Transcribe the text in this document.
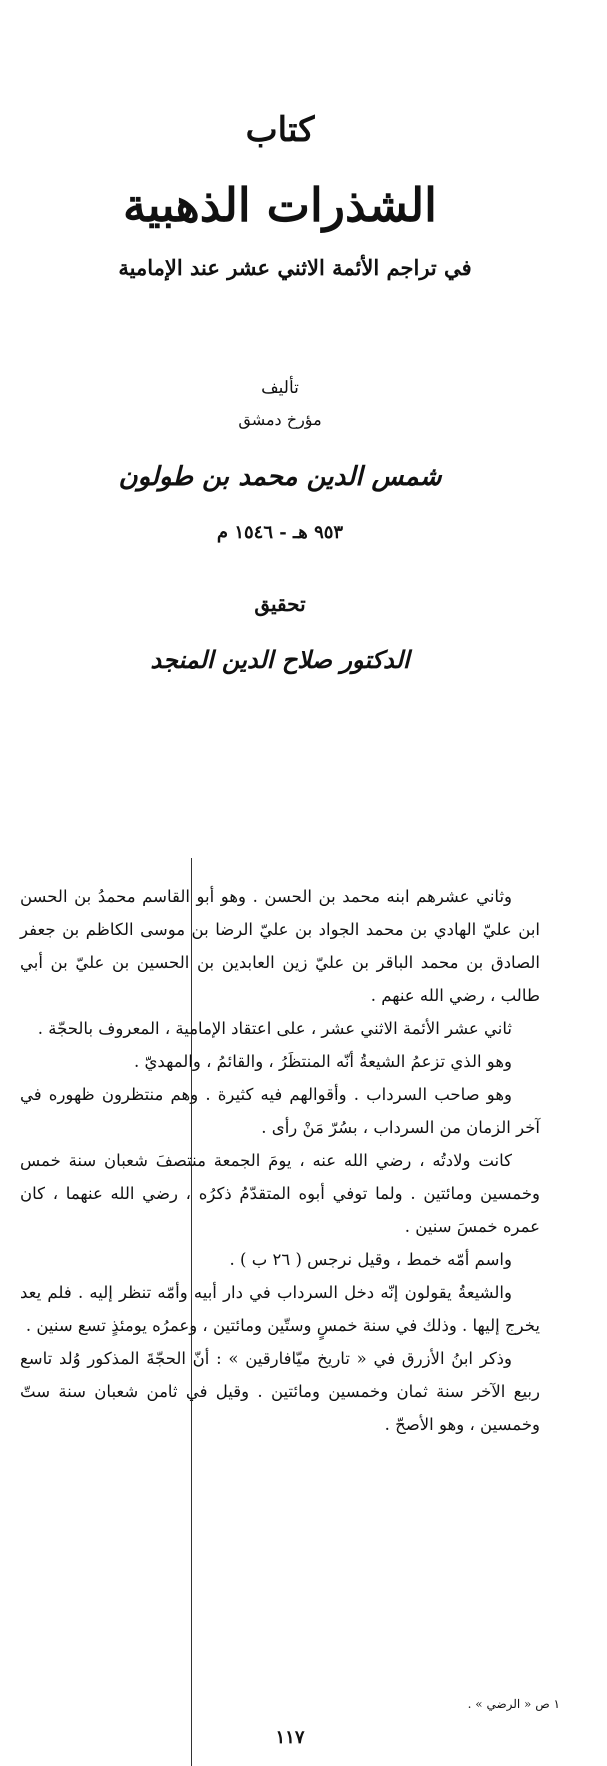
كتاب
الشذرات الذهبية
في تراجم الأئمة الاثني عشر عند الإمامية
تأليف
مؤرخ دمشق
شمس الدين محمد بن طولون
٩٥٣ هـ - ١٥٤٦ م
تحقيق
الدكتور صلاح الدين المنجد

وثاني عشرهم ابنه محمد بن الحسن . وهو أبو القاسم محمدُ بن الحسن ابن عليّ الهادي بن محمد الجواد بن عليّ الرضا بن موسى الكاظم بن جعفر الصادق بن محمد الباقر بن عليّ زين العابدين بن الحسين بن عليّ بن أبي طالب ، رضي الله عنهم .

ثاني عشر الأئمة الاثني عشر ، على اعتقاد الإمامية ، المعروف بالحجّة .

وهو الذي تزعمُ الشيعةُ أنّه المنتظَرُ ، والقائمُ ، والمهديّ .

وهو صاحب السرداب . وأقوالهم فيه كثيرة . وهم منتظرون ظهوره في آخر الزمان من السرداب ، بسُرّ مَنْ رأى .

كانت ولادتُه ، رضي الله عنه ، يومَ الجمعة منتصفَ شعبان سنة خمس وخمسين ومائتين . ولما توفي أبوه المتقدّمُ ذكرُه ، رضي الله عنهما ، كان عمره خمسَ سنين .

واسم أمّه خمط ، وقيل نرجس ( ٢٦ ب ) .

والشيعةُ يقولون إنّه دخل السرداب في دار أبيه وأمّه تنظر إليه . فلم يعد يخرج إليها . وذلك في سنة خمسٍ وستّين ومائتين ، وعمرُه يومئذٍ تسع سنين .

وذكر ابنُ الأزرق في « تاريخ ميّافارقين » : أنّ الحجّةَ المذكور وُلد تاسع ربيع الآخر سنة ثمان وخمسين ومائتين . وقيل في ثامن شعبان سنة ستّ وخمسين ، وهو الأصحّ .

١ ص « الرضي » .
١١٧
